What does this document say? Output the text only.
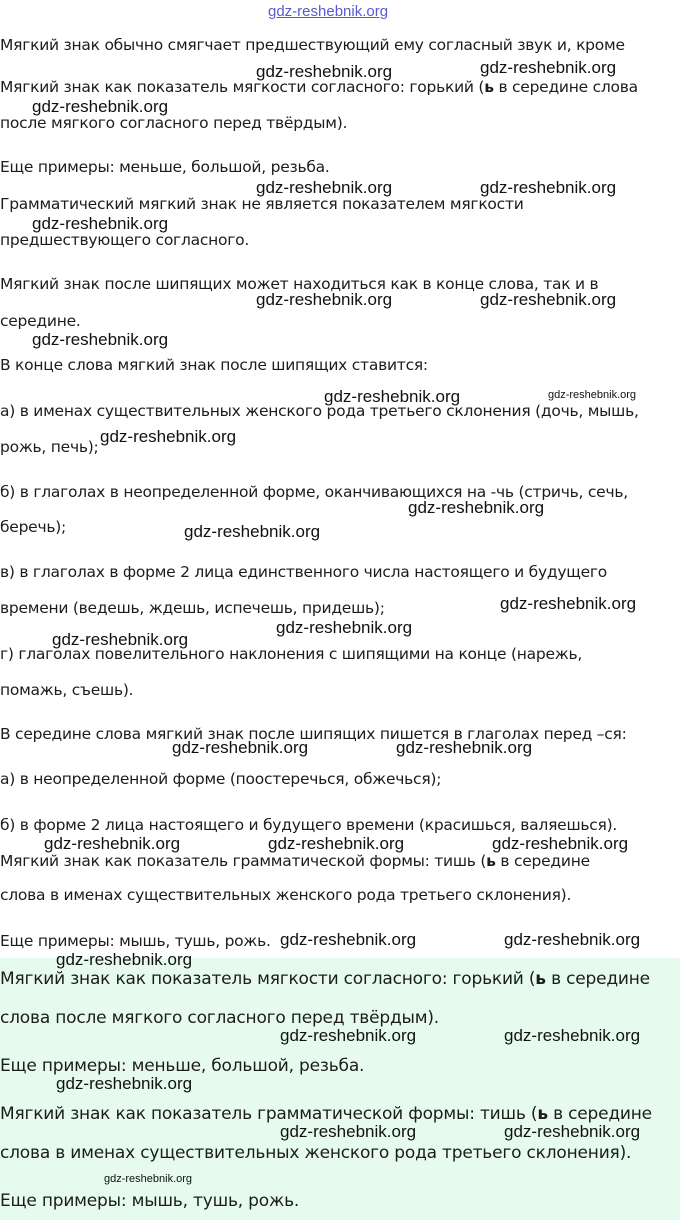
gdz-reshebnik.org
Мягкий знак обычно смягчает предшествующий ему согласный звук и, кроме
Мягкий знак как показатель мягкости согласного: горький (ь в середине слова
после мягкого согласного перед твёрдым).
Еще примеры: меньше, большой, резьба.
Грамматический мягкий знак не является показателем мягкости
предшествующего согласного.
Мягкий знак после шипящих может находиться как в конце слова, так и в
середине.
В конце слова мягкий знак после шипящих ставится:
а) в именах существительных женского рода третьего склонения (дочь, мышь,
рожь, печь);
б) в глаголах в неопределенной форме, оканчивающихся на -чь (стричь, сечь,
беречь);
в) в глаголах в форме 2 лица единственного числа настоящего и будущего
времени (ведешь, ждешь, испечешь, придешь);
г) глаголах повелительного наклонения с шипящими на конце (нарежь,
помажь, съешь).
В середине слова мягкий знак после шипящих пишется в глаголах перед –ся:
а) в неопределенной форме (поостеречься, обжечься);
б) в форме 2 лица настоящего и будущего времени (красишься, валяешься).
Мягкий знак как показатель грамматической формы: тишь (ь в середине
слова в именах существительных женского рода третьего склонения).
Еще примеры: мышь, тушь, рожь.
Мягкий знак как показатель мягкости согласного: горький (ь в середине
слова после мягкого согласного перед твёрдым).
Еще примеры: меньше, большой, резьба.
Мягкий знак как показатель грамматической формы: тишь (ь в середине
слова в именах существительных женского рода третьего склонения).
Еще примеры: мышь, тушь, рожь.
gdz-reshebnik.org	gdz-reshebnik.org
gdz-reshebnik.org
gdz-reshebnik.org	gdz-reshebnik.org
gdz-reshebnik.org
gdz-reshebnik.org	gdz-reshebnik.org
gdz-reshebnik.org
gdz-reshebnik.org	gdz-reshebnik.org
gdz-reshebnik.org
gdz-reshebnik.org
gdz-reshebnik.org
gdz-reshebnik.org
gdz-reshebnik.org
gdz-reshebnik.org
gdz-reshebnik.org	gdz-reshebnik.org
gdz-reshebnik.org	gdz-reshebnik.org	gdz-reshebnik.org
gdz-reshebnik.org	gdz-reshebnik.org
gdz-reshebnik.org
gdz-reshebnik.org	gdz-reshebnik.org
gdz-reshebnik.org
gdz-reshebnik.org	gdz-reshebnik.org
gdz-reshebnik.org
